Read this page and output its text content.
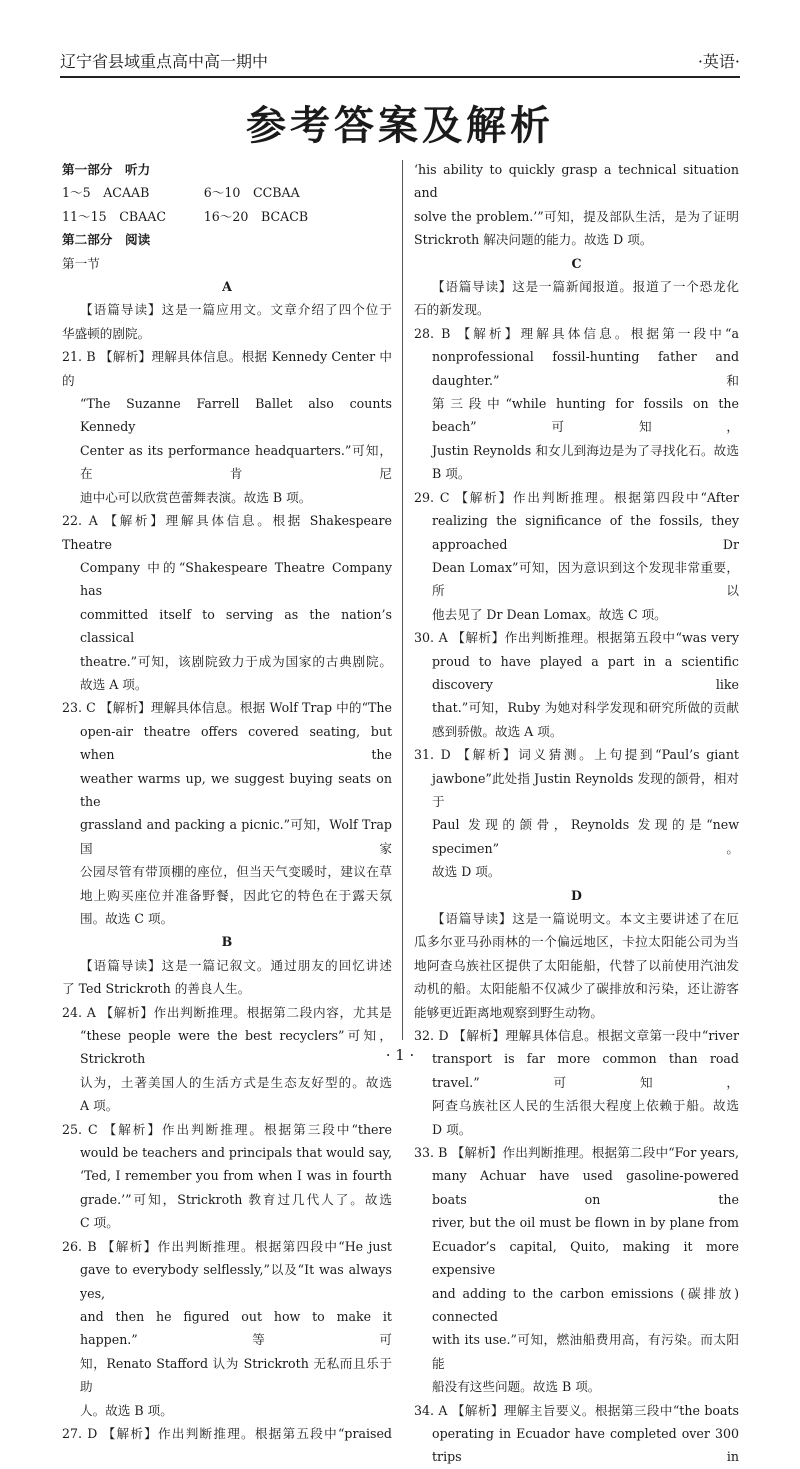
辽宁省县域重点高中高一期中	·英语·
参考答案及解析
第一部分　听力
1～5　ACAAB　　　　 6～10　CCBAA
11～15　CBAAC　　　16～20　BCACB
第二部分　阅读
第一节
A
【语篇导读】这是一篇应用文。文章介绍了四个位于
华盛顿的剧院。
21. B 【解析】理解具体信息。根据 Kennedy Center 中的
“The Suzanne Farrell Ballet also counts Kennedy
Center as its performance headquarters.”可知，在肯尼
迪中心可以欣赏芭蕾舞表演。故选 B 项。
22. A 【解析】理解具体信息。根据 Shakespeare Theatre
Company 中的“Shakespeare Theatre Company has
committed itself to serving as the nation’s classical
theatre.”可知，该剧院致力于成为国家的古典剧院。
故选 A 项。
23. C 【解析】理解具体信息。根据 Wolf Trap 中的“The
open-air theatre offers covered seating, but when the
weather warms up, we suggest buying seats on the
grassland and packing a picnic.”可知，Wolf Trap 国家
公园尽管有带顶棚的座位，但当天气变暖时，建议在草
地上购买座位并准备野餐，因此它的特色在于露天氛
围。故选 C 项。
B
【语篇导读】这是一篇记叙文。通过朋友的回忆讲述
了 Ted Strickroth 的善良人生。
24. A 【解析】作出判断推理。根据第二段内容，尤其是
“these people were the best recyclers”可知，Strickroth
认为，土著美国人的生活方式是生态友好型的。故选
A 项。
25. C 【解析】作出判断推理。根据第三段中“there
would be teachers and principals that would say,
‘Ted, I remember you from when I was in fourth
grade.’”可知，Strickroth 教育过几代人了。故选
C 项。
26. B 【解析】作出判断推理。根据第四段中“He just
gave to everybody selflessly,”以及“It was always yes,
and then he figured out how to make it happen.”等可
知，Renato Stafford 认为 Strickroth 无私而且乐于助
人。故选 B 项。
27. D 【解析】作出判断推理。根据第五段中“praised
‘his ability to quickly grasp a technical situation and
solve the problem.’”可知，提及部队生活，是为了证明
Strickroth 解决问题的能力。故选 D 项。
C
【语篇导读】这是一篇新闻报道。报道了一个恐龙化
石的新发现。
28. B 【解析】理解具体信息。根据第一段中“a
nonprofessional fossil-hunting father and daughter.”和
第三段中“while hunting for fossils on the beach”可知，
Justin Reynolds 和女儿到海边是为了寻找化石。故选
B 项。
29. C 【解析】作出判断推理。根据第四段中“After
realizing the significance of the fossils, they approached Dr
Dean Lomax”可知，因为意识到这个发现非常重要，所以
他去见了 Dr Dean Lomax。故选 C 项。
30. A 【解析】作出判断推理。根据第五段中“was very
proud to have played a part in a scientific discovery like
that.”可知，Ruby 为她对科学发现和研究所做的贡献
感到骄傲。故选 A 项。
31. D 【解析】词义猜测。上句提到“Paul’s giant
jawbone”此处指 Justin Reynolds 发现的颌骨，相对于
Paul 发现的颌骨，Reynolds 发现的是“new specimen”。
故选 D 项。
D
【语篇导读】这是一篇说明文。本文主要讲述了在厄
瓜多尔亚马孙雨林的一个偏远地区，卡拉太阳能公司为当
地阿查乌族社区提供了太阳能船，代替了以前使用汽油发
动机的船。太阳能船不仅减少了碳排放和污染，还让游客
能够更近距离地观察到野生动物。
32. D 【解析】理解具体信息。根据文章第一段中“river
transport is far more common than road travel.”可知，
阿查乌族社区人民的生活很大程度上依赖于船。故选
D 项。
33. B 【解析】作出判断推理。根据第二段中“For years,
many Achuar have used gasoline-powered boats on the
river, but the oil must be flown in by plane from
Ecuador’s capital, Quito, making it more expensive
and adding to the carbon emissions (碳排放) connected
with its use.”可知，燃油船费用高，有污染。而太阳能
船没有这些问题。故选 B 项。
34. A 【解析】理解主旨要义。根据第三段中“the boats
operating in Ecuador have completed over 300 trips in
· 1 ·
